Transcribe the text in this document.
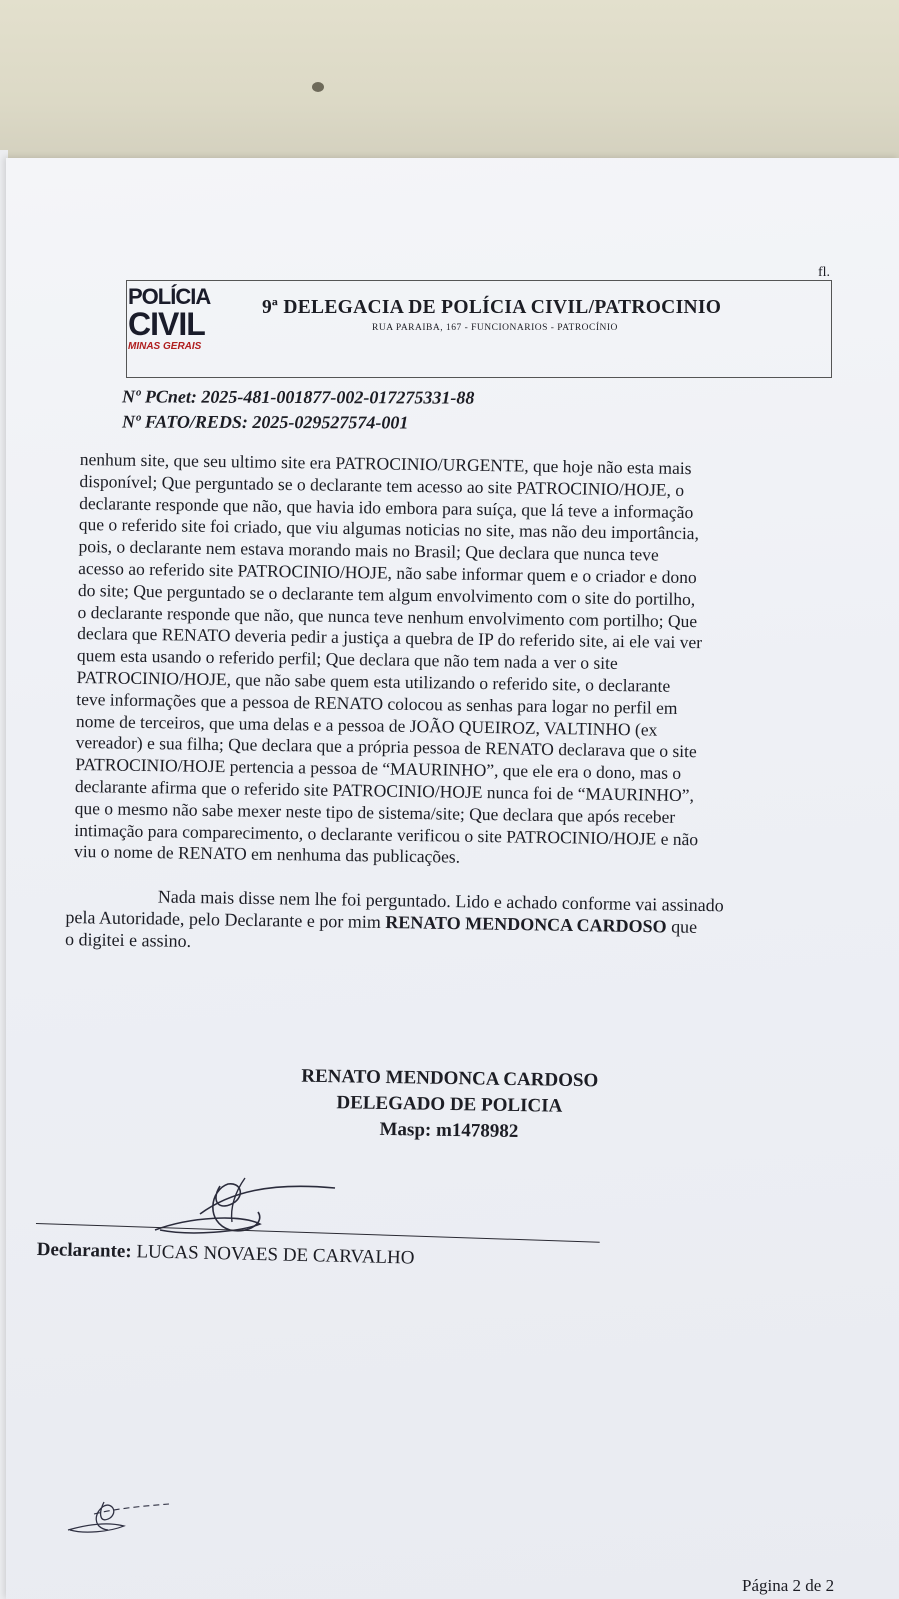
fl.
POLÍCIA
CIVIL
MINAS GERAIS
9ª DELEGACIA DE POLÍCIA CIVIL/PATROCINIO
RUA PARAIBA, 167 - FUNCIONARIOS - PATROCÍNIO
Nº PCnet: 2025-481-001877-002-017275331-88
Nº FATO/REDS: 2025-029527574-001
nenhum site, que seu ultimo site era PATROCINIO/URGENTE, que hoje não esta mais
disponível; Que perguntado se o declarante tem acesso ao site PATROCINIO/HOJE, o
declarante responde que não, que havia ido embora para suíça, que lá teve a informação
que o referido site foi criado, que viu algumas noticias no site, mas não deu importância,
pois, o declarante nem estava morando mais no Brasil; Que declara que nunca teve
acesso ao referido site PATROCINIO/HOJE, não sabe informar quem e o criador e dono
do site; Que perguntado se o declarante tem algum envolvimento com o site do portilho,
o declarante responde que não, que nunca teve nenhum envolvimento com portilho; Que
declara que RENATO deveria pedir a justiça a quebra de IP do referido site, ai ele vai ver
quem esta usando o referido perfil; Que declara que não tem nada a ver o site
PATROCINIO/HOJE, que não sabe quem esta utilizando o referido site, o declarante
teve informações que a pessoa de RENATO colocou as senhas para logar no perfil em
nome de terceiros, que uma delas e a pessoa de JOÃO QUEIROZ, VALTINHO (ex
vereador) e sua filha; Que declara que a própria pessoa de RENATO declarava que o site
PATROCINIO/HOJE pertencia a pessoa de “MAURINHO”, que ele era o dono, mas o
declarante afirma que o referido site PATROCINIO/HOJE nunca foi de “MAURINHO”,
que o mesmo não sabe mexer neste tipo de sistema/site; Que declara que após receber
intimação para comparecimento, o declarante verificou o site PATROCINIO/HOJE e não
viu o nome de RENATO em nenhuma das publicações.
Nada mais disse nem lhe foi perguntado. Lido e achado conforme vai assinado
pela Autoridade, pelo Declarante e por mim RENATO MENDONCA CARDOSO que
o digitei e assino.
RENATO MENDONCA CARDOSO
DELEGADO DE POLICIA
Masp: m1478982
Declarante: LUCAS NOVAES DE CARVALHO
Página 2 de 2
